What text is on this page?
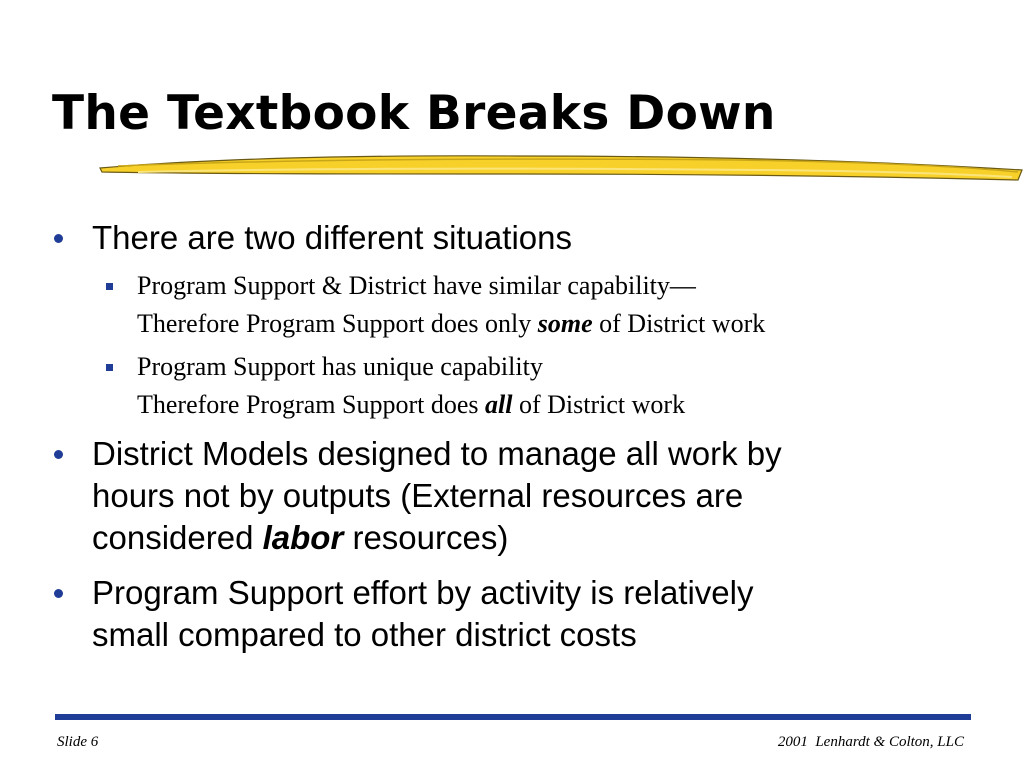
The Textbook Breaks Down
There are two different situations
Program Support & District have similar capability—
Therefore Program Support does only some of District work
Program Support has unique capability
Therefore Program Support does all of District work
District Models designed to manage all work by
hours not by outputs (External resources are
considered labor resources)
Program Support effort by activity is relatively
small compared to other district costs
Slide 6	2001  Lenhardt & Colton, LLC
